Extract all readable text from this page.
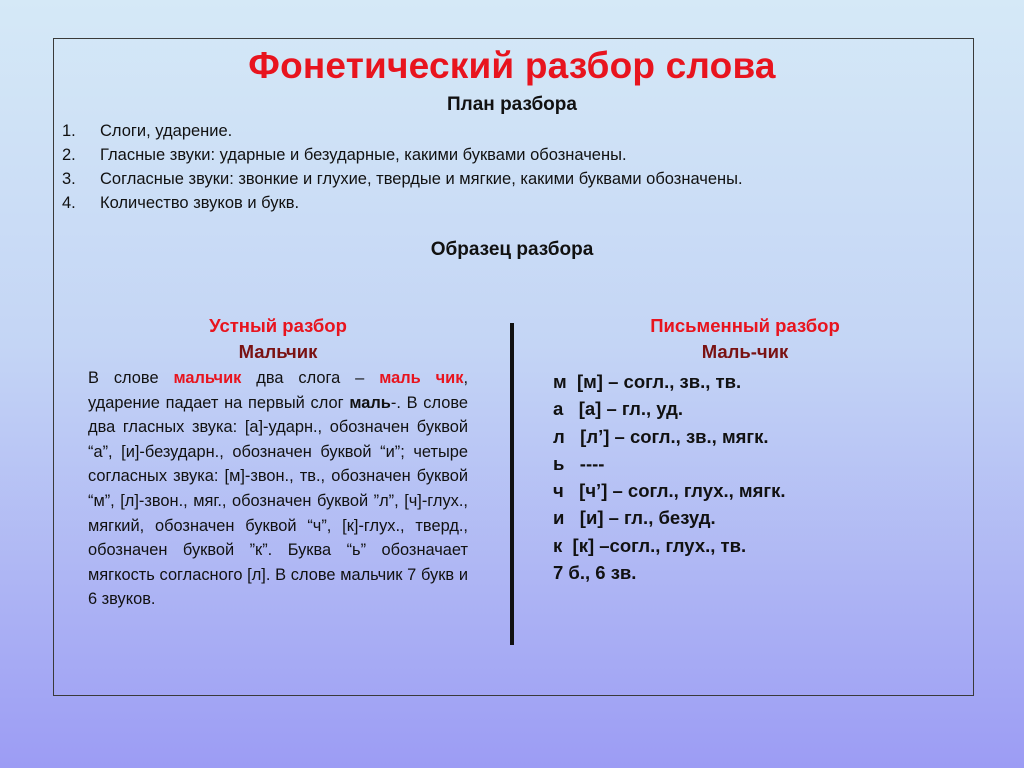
Фонетический разбор слова
План разбора
1. Слоги, ударение.
2. Гласные звуки: ударные и безударные, какими буквами обозначены.
3. Согласные звуки: звонкие и глухие, твердые и мягкие, какими буквами обозначены.
4. Количество звуков и букв.
Образец разбора
Устный разбор
Мальчик
В слове мальчик два слога – маль чик, ударение падает на первый слог маль-. В слове два гласных звука: [а]-ударн., обозначен буквой “а”, [и]-безударн., обозначен буквой “и”; четыре согласных звука: [м]-звон., тв., обозначен буквой “м”, [л]-звон., мяг., обозначен буквой ”л”, [ч]-глух., мягкий, обозначен буквой “ч”, [к]-глух., тверд., обозначен буквой ”к”. Буква “ь” обозначает мягкость согласного [л]. В слове мальчик 7 букв и 6 звуков.
Письменный разбор
Маль-чик
м  [м] – согл., зв., тв.
а   [а] – гл., уд.
л   [л’] – согл., зв., мягк.
ь   ----
ч   [ч’] – согл., глух., мягк.
и   [и] – гл., безуд.
к  [к] –согл., глух., тв.
7 б., 6 зв.
